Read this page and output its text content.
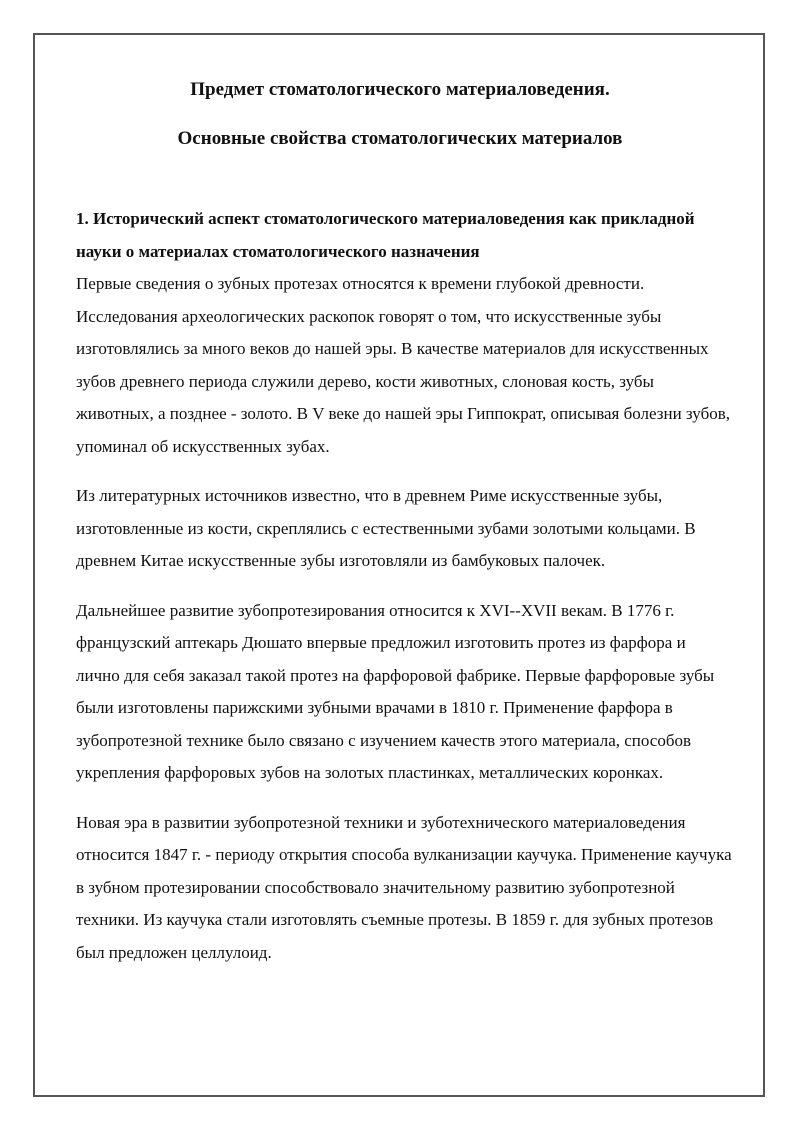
Предмет стоматологического материаловедения.
Основные свойства стоматологических материалов

1. Исторический аспект стоматологического материаловедения как прикладной науки о материалах стоматологического назначения

Первые сведения о зубных протезах относятся к времени глубокой древности. Исследования археологических раскопок говорят о том, что искусственные зубы изготовлялись за много веков до нашей эры. В качестве материалов для искусственных зубов древнего периода служили дерево, кости животных, слоновая кость, зубы животных, а позднее - золото. В V веке до нашей эры Гиппократ, описывая болезни зубов, упоминал об искусственных зубах.

Из литературных источников известно, что в древнем Риме искусственные зубы, изготовленные из кости, скреплялись с естественными зубами золотыми кольцами. В древнем Китае искусственные зубы изготовляли из бамбуковых палочек.

Дальнейшее развитие зубопротезирования относится к XVI--XVII векам. В 1776 г. французский аптекарь Дюшато впервые предложил изготовить протез из фарфора и лично для себя заказал такой протез на фарфоровой фабрике. Первые фарфоровые зубы были изготовлены парижскими зубными врачами в 1810 г. Применение фарфора в зубопротезной технике было связано с изучением качеств этого материала, способов укрепления фарфоровых зубов на золотых пластинках, металлических коронках.

Новая эра в развитии зубопротезной техники и зуботехнического материаловедения относится 1847 г. - периоду открытия способа вулканизации каучука. Применение каучука в зубном протезировании способствовало значительному развитию зубопротезной техники. Из каучука стали изготовлять съемные протезы. В 1859 г. для зубных протезов был предложен целлулоид.
